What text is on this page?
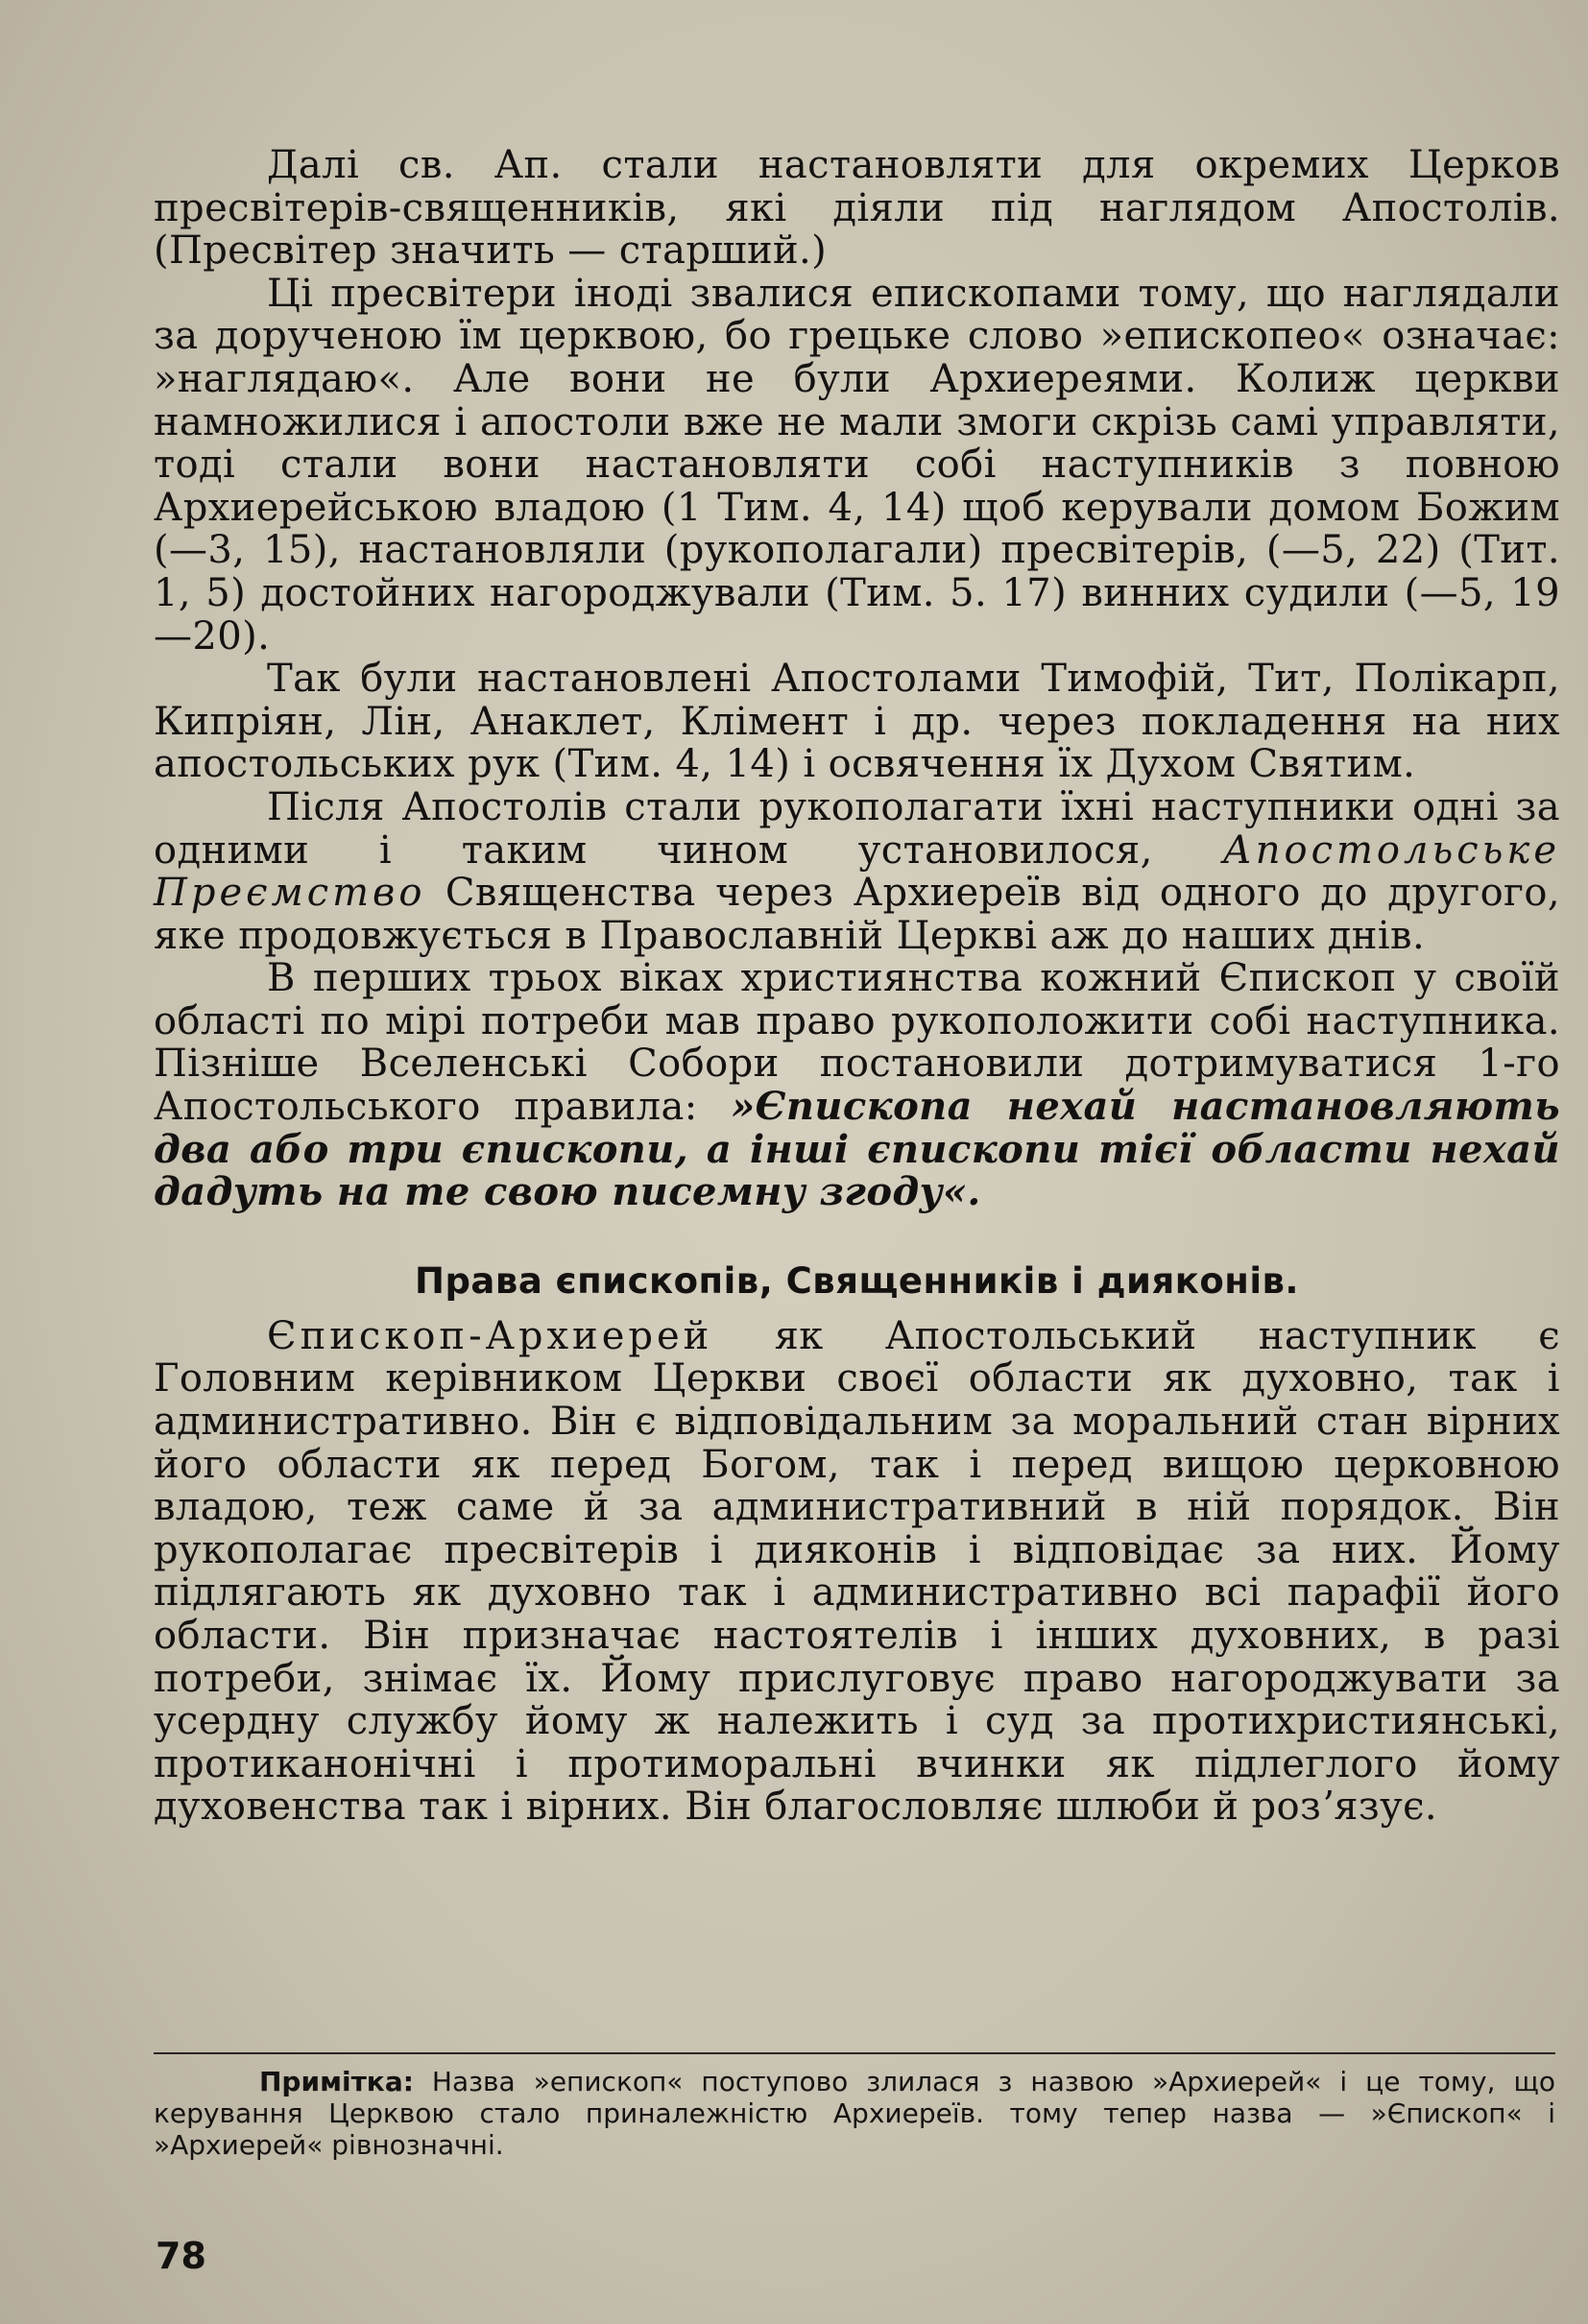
Далі св. Ап. стали настановляти для окремих Церков пресвітерів-священників, які діяли під наглядом Апостолів. (Пресвітер значить — старший.)

Ці пресвітери іноді звалися епископами тому, що наглядали за дорученою їм церквою, бо грецьке слово »епископео« означає: »наглядаю«. Але вони не були Архиереями. Колиж церкви намножилися і апостоли вже не мали змоги скрізь самі управляти, тоді стали вони настановляти собі наступників з повною Архиерейською владою (1 Тим. 4, 14) щоб керували домом Божим (—3, 15), настановляли (рукополагали) пресвітерів, (—5, 22) (Тит. 1, 5) достойних нагороджували (Тим. 5. 17) винних судили (—5, 19—20).

Так були настановлені Апостолами Тимофій, Тит, Полікарп, Кипріян, Лін, Анаклет, Клімент і др. через покладення на них апостольських рук (Тим. 4, 14) і освячення їх Духом Святим.

Після Апостолів стали рукополагати їхні наступники одні за одними і таким чином установилося, Апостольське Преємство Священства через Архиереїв від одного до другого, яке продовжується в Православній Церкві аж до наших днів.

В перших трьох віках християнства кожний Єпископ у своїй області по мірі потреби мав право рукоположити собі наступника. Пізніше Вселенські Собори постановили дотримуватися 1-го Апостольського правила: »Єпископа нехай настановляють два або три єпископи, а інші єпископи тієї области нехай дадуть на те свою писемну згоду«.

Права єпископів, Священників і дияконів.

Єпископ-Архиерей як Апостольський наступник є Головним керівником Церкви своєї области як духовно, так і административно. Він є відповідальним за моральний стан вірних його области як перед Богом, так і перед вищою церковною владою, теж саме й за административний в ній порядок. Він рукополагає пресвітерів і дияконів і відповідає за них. Йому підлягають як духовно так і административно всі парафії його области. Він призначає настоятелів і інших духовних, в разі потреби, знімає їх. Йому прислуговує право нагороджувати за усердну службу йому ж належить і суд за протихристиянські, протиканонічні і протиморальні вчинки як підлеглого йому духовенства так і вірних. Він благословляє шлюби й розʼязує.

Примітка: Назва »епископ« поступово злилася з назвою »Архиерей« і це тому, що керування Церквою стало приналежністю Архиереїв. тому тепер назва — »Єпископ« і »Архиерей« рівнозначні.

78
